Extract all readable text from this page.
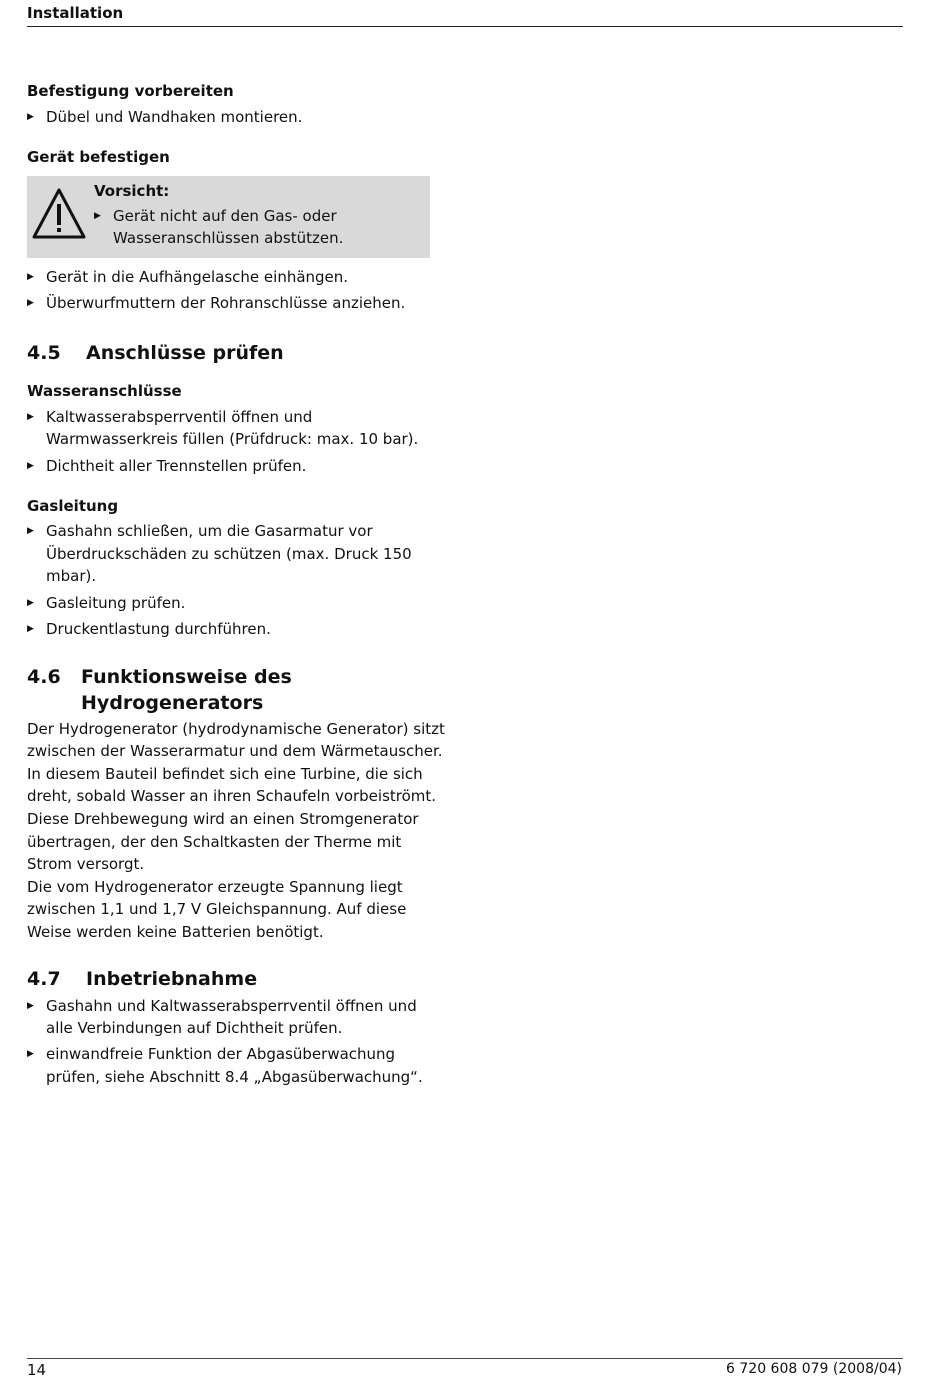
Installation

Befestigung vorbereiten

▶ Dübel und Wandhaken montieren.

Gerät befestigen

Vorsicht:
▶ Gerät nicht auf den Gas- oder Wasseranschlüssen abstützen.
▶ Gerät in die Aufhängelasche einhängen.
▶ Überwurfmuttern der Rohranschlüsse anziehen.
4.5	Anschlüsse prüfen

Wasseranschlüsse

▶ Kaltwasserabsperrventil öffnen und Warmwasserkreis füllen (Prüfdruck: max. 10 bar).
▶ Dichtheit aller Trennstellen prüfen.

Gasleitung

▶ Gashahn schließen, um die Gasarmatur vor Überdruckschäden zu schützen (max. Druck 150 mbar).
▶ Gasleitung prüfen.
▶ Druckentlastung durchführen.
4.6	Funktionsweise des Hydrogenerators

Der Hydrogenerator (hydrodynamische Generator) sitzt zwischen der Wasserarmatur und dem Wärmetauscher. In diesem Bauteil befindet sich eine Turbine, die sich dreht, sobald Wasser an ihren Schaufeln vorbeiströmt. Diese Drehbewegung wird an einen Stromgenerator übertragen, der den Schaltkasten der Therme mit Strom versorgt.

Die vom Hydrogenerator erzeugte Spannung liegt zwischen 1,1 und 1,7 V Gleichspannung. Auf diese Weise werden keine Batterien benötigt.

4.7	Inbetriebnahme
▶ Gashahn und Kaltwasserabsperrventil öffnen und alle Verbindungen auf Dichtheit prüfen.
▶ einwandfreie Funktion der Abgasüberwachung prüfen, siehe Abschnitt 8.4 „Abgasüberwachung“.
14	6 720 608 079 (2008/04)
